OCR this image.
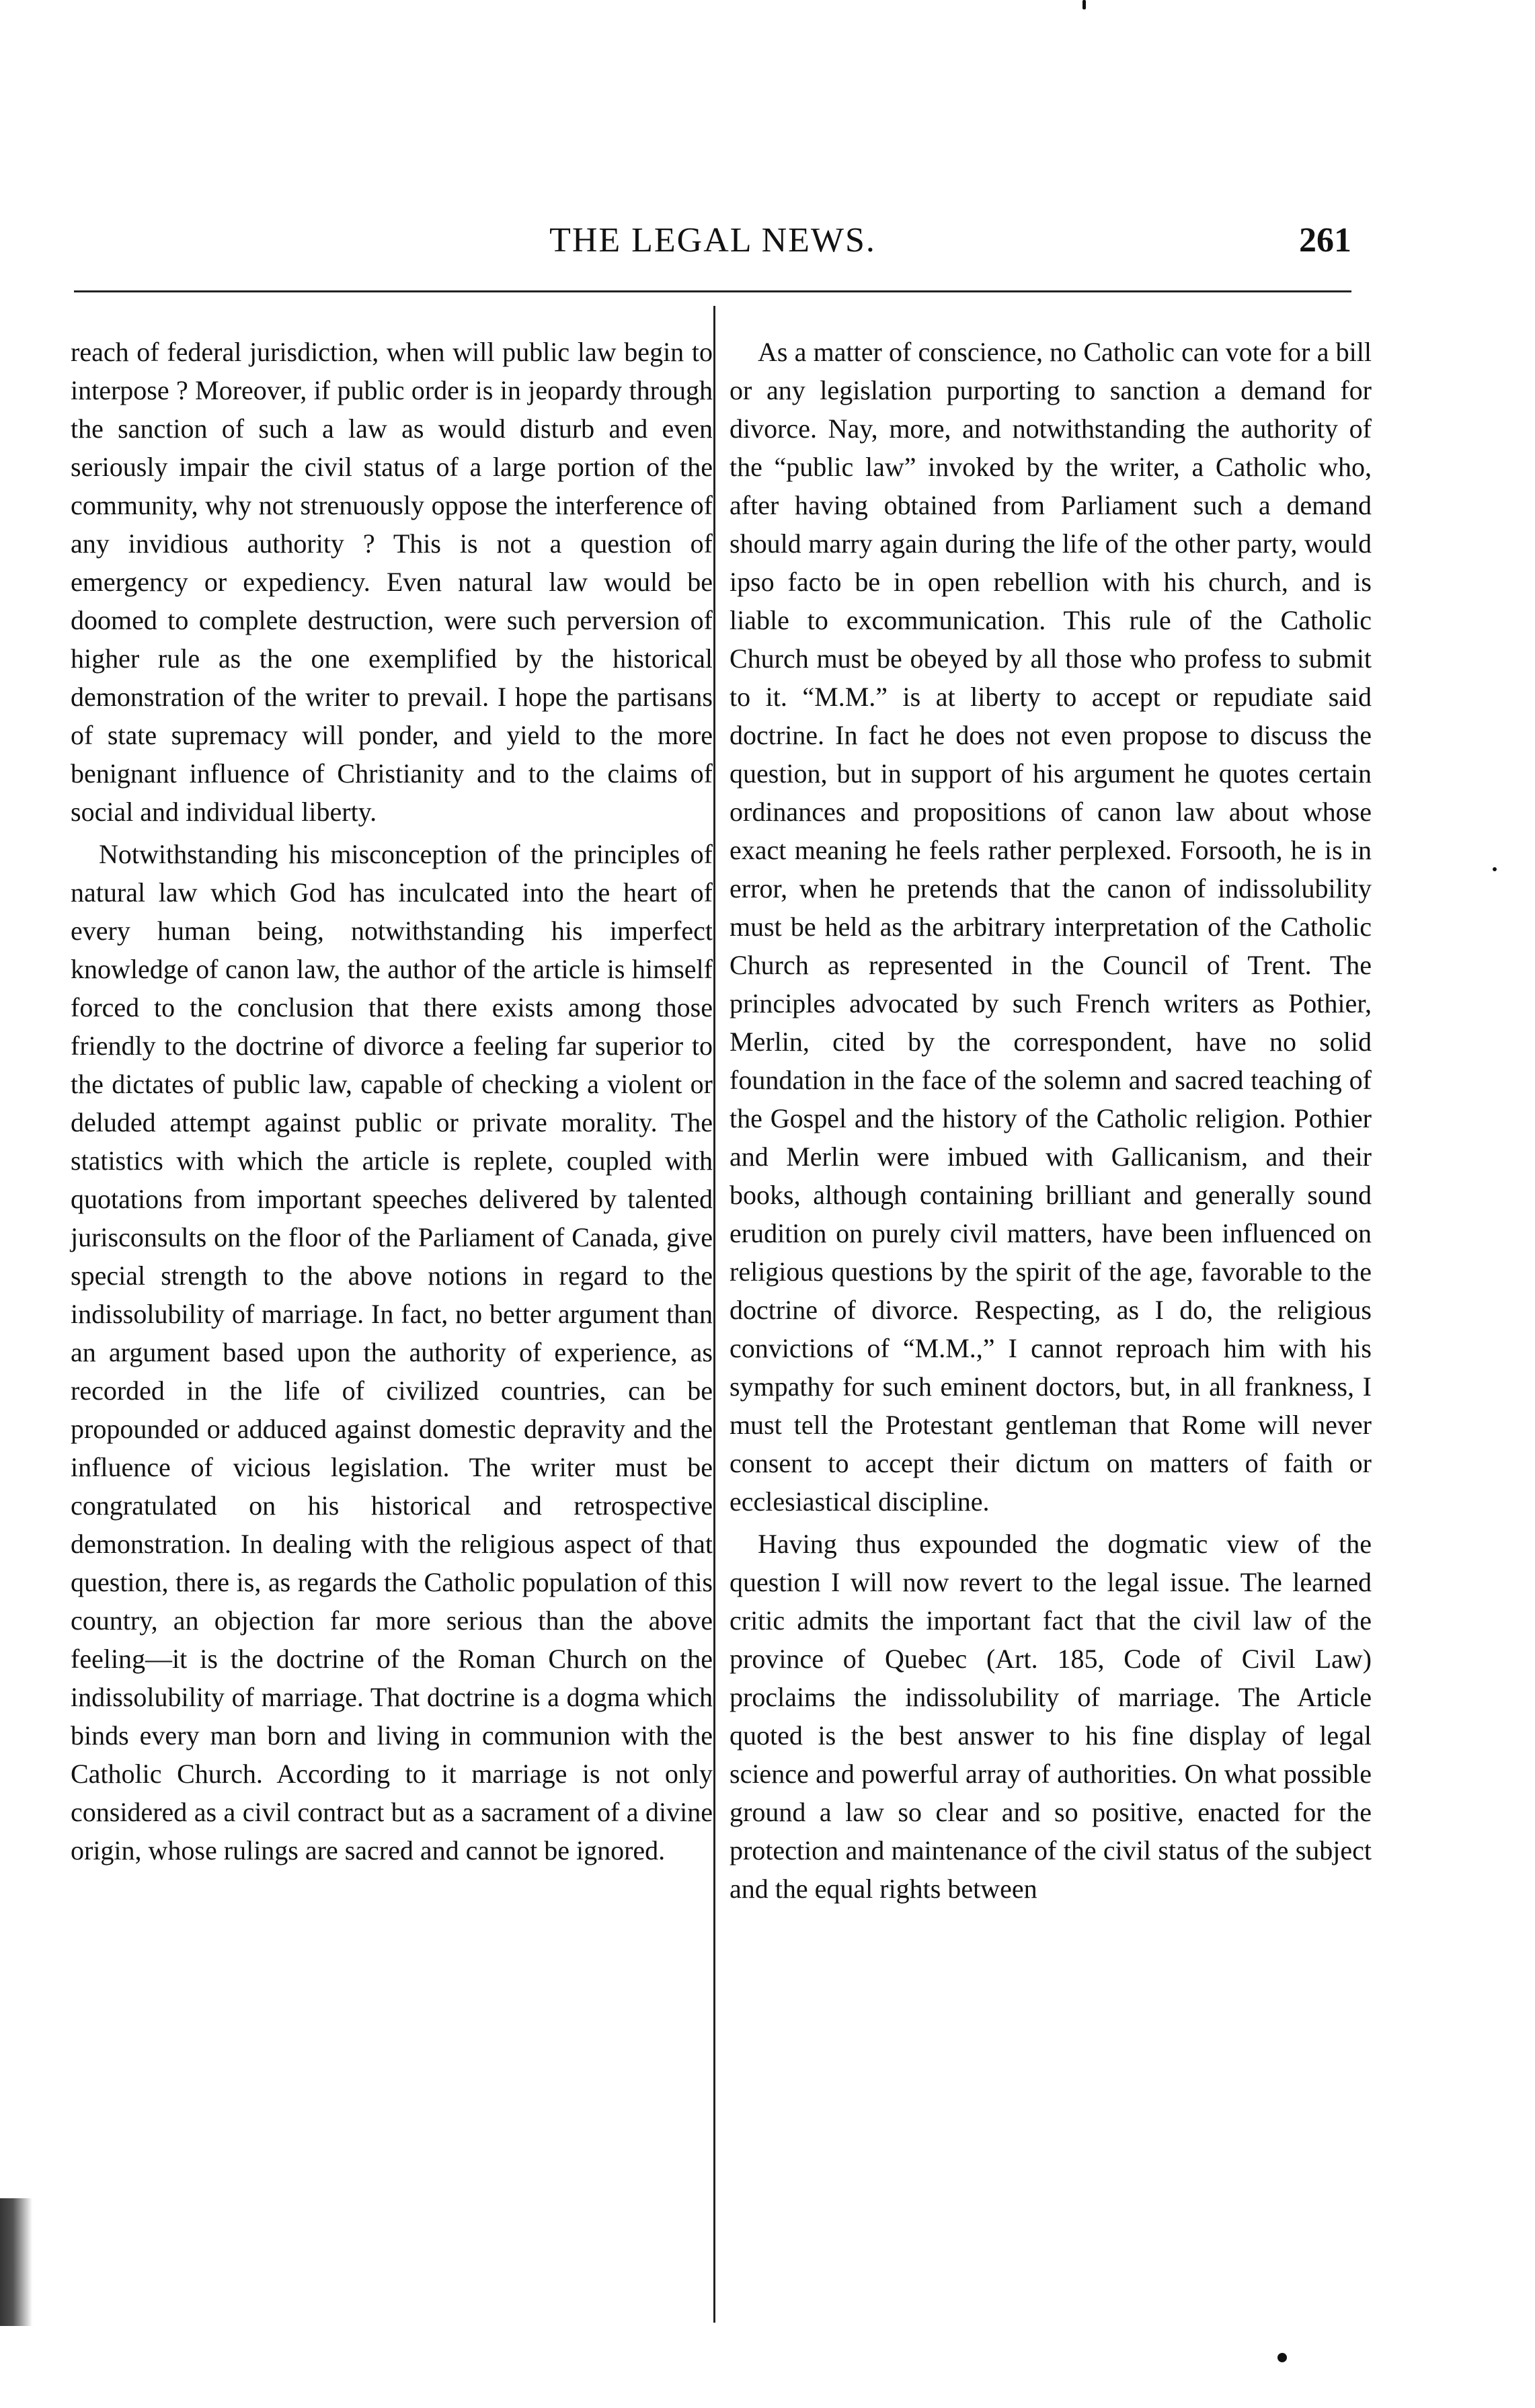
THE LEGAL NEWS.	261

reach of federal jurisdiction, when will public law begin to interpose ? Moreover, if public order is in jeopardy through the sanction of such a law as would disturb and even seriously impair the civil status of a large portion of the community, why not strenuously oppose the interference of any invidious authority ? This is not a question of emergency or expediency. Even natural law would be doomed to complete destruction, were such perversion of higher rule as the one exemplified by the historical demonstration of the writer to prevail. I hope the partisans of state supremacy will ponder, and yield to the more benignant influence of Christianity and to the claims of social and individual liberty.

Notwithstanding his misconception of the principles of natural law which God has inculcated into the heart of every human being, notwithstanding his imperfect knowledge of canon law, the author of the article is himself forced to the conclusion that there exists among those friendly to the doctrine of divorce a feeling far superior to the dictates of public law, capable of checking a violent or deluded attempt against public or private morality. The statistics with which the article is replete, coupled with quotations from important speeches delivered by talented jurisconsults on the floor of the Parliament of Canada, give special strength to the above notions in regard to the indissolubility of marriage. In fact, no better argument than an argument based upon the authority of experience, as recorded in the life of civilized countries, can be propounded or adduced against domestic depravity and the influence of vicious legislation. The writer must be congratulated on his historical and retrospective demonstration. In dealing with the religious aspect of that question, there is, as regards the Catholic population of this country, an objection far more serious than the above feeling—it is the doctrine of the Roman Church on the indissolubility of marriage. That doctrine is a dogma which binds every man born and living in communion with the Catholic Church. According to it marriage is not only considered as a civil contract but as a sacrament of a divine origin, whose rulings are sacred and cannot be ignored.

As a matter of conscience, no Catholic can vote for a bill or any legislation purporting to sanction a demand for divorce. Nay, more, and notwithstanding the authority of the “public law” invoked by the writer, a Catholic who, after having obtained from Parliament such a demand should marry again during the life of the other party, would ipso facto be in open rebellion with his church, and is liable to excommunication. This rule of the Catholic Church must be obeyed by all those who profess to submit to it. “M.M.” is at liberty to accept or repudiate said doctrine. In fact he does not even propose to discuss the question, but in support of his argument he quotes certain ordinances and propositions of canon law about whose exact meaning he feels rather perplexed. Forsooth, he is in error, when he pretends that the canon of indissolubility must be held as the arbitrary interpretation of the Catholic Church as represented in the Council of Trent. The principles advocated by such French writers as Pothier, Merlin, cited by the correspondent, have no solid foundation in the face of the solemn and sacred teaching of the Gospel and the history of the Catholic religion. Pothier and Merlin were imbued with Gallicanism, and their books, although containing brilliant and generally sound erudition on purely civil matters, have been influenced on religious questions by the spirit of the age, favorable to the doctrine of divorce. Respecting, as I do, the religious convictions of “M.M.,” I cannot reproach him with his sympathy for such eminent doctors, but, in all frankness, I must tell the Protestant gentleman that Rome will never consent to accept their dictum on matters of faith or ecclesiastical discipline.

Having thus expounded the dogmatic view of the question I will now revert to the legal issue. The learned critic admits the important fact that the civil law of the province of Quebec (Art. 185, Code of Civil Law) proclaims the indissolubility of marriage. The Article quoted is the best answer to his fine display of legal science and powerful array of authorities. On what possible ground a law so clear and so positive, enacted for the protection and maintenance of the civil status of the subject and the equal rights between
